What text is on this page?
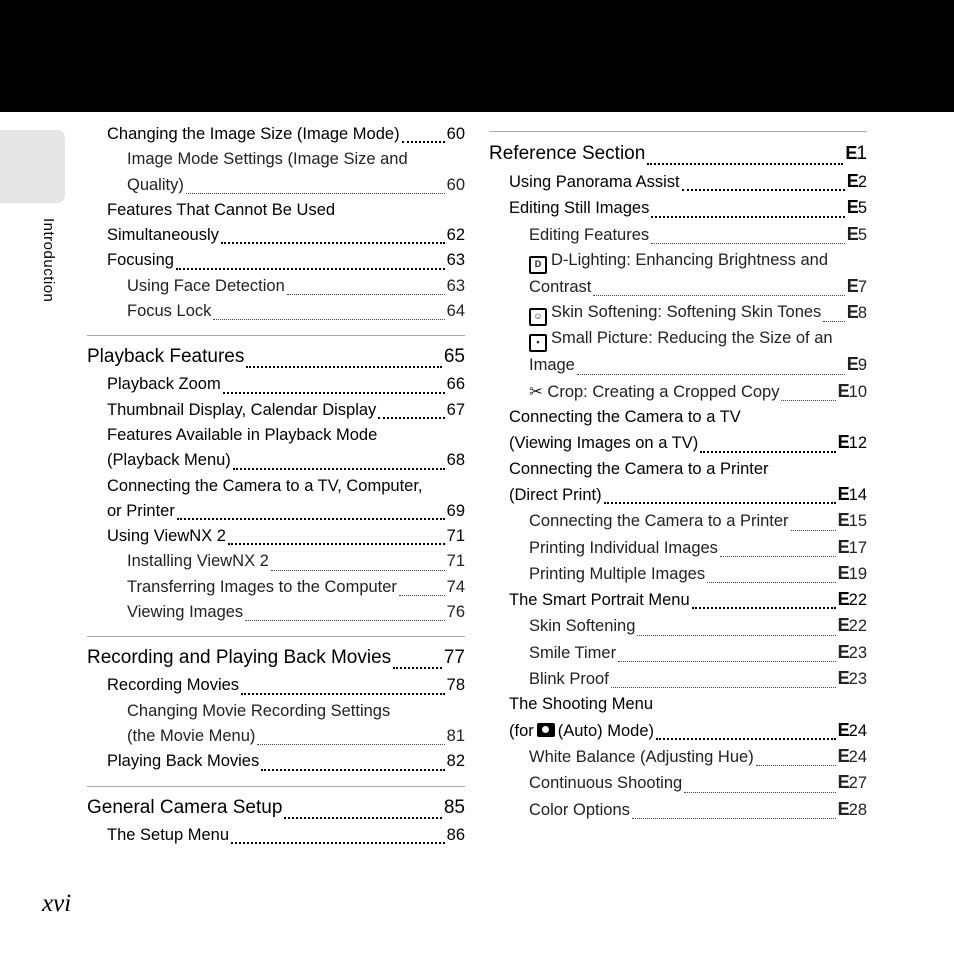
Introduction
Changing the Image Size (Image Mode)	60
Image Mode Settings (Image Size and
Quality)	60
Features That Cannot Be Used
Simultaneously	62
Focusing	63
Using Face Detection	63
Focus Lock	64
Playback Features	65
Playback Zoom	66
Thumbnail Display, Calendar Display	67
Features Available in Playback Mode
(Playback Menu)	68
Connecting the Camera to a TV, Computer,
or Printer	69
Using ViewNX 2	71
Installing ViewNX 2	71
Transferring Images to the Computer	74
Viewing Images	76
Recording and Playing Back Movies	77
Recording Movies	78
Changing Movie Recording Settings
(the Movie Menu)	81
Playing Back Movies	82
General Camera Setup	85
The Setup Menu	86
Reference Section	E1
Using Panorama Assist	E2
Editing Still Images	E5
Editing Features	E5
D D-Lighting: Enhancing Brightness and
Contrast	E7
☺ Skin Softening: Softening Skin Tones E8
▪ Small Picture: Reducing the Size of an
Image	E9
✂ Crop: Creating a Cropped Copy	E10
Connecting the Camera to a TV
(Viewing Images on a TV)	E12
Connecting the Camera to a Printer
(Direct Print)	E14
Connecting the Camera to a Printer	E15
Printing Individual Images	E17
Printing Multiple Images	E19
The Smart Portrait Menu	E22
Skin Softening	E22
Smile Timer	E23
Blink Proof	E23
The Shooting Menu
(for (Auto) Mode)	E24
White Balance (Adjusting Hue)	E24
Continuous Shooting	E27
Color Options	E28
xvi
